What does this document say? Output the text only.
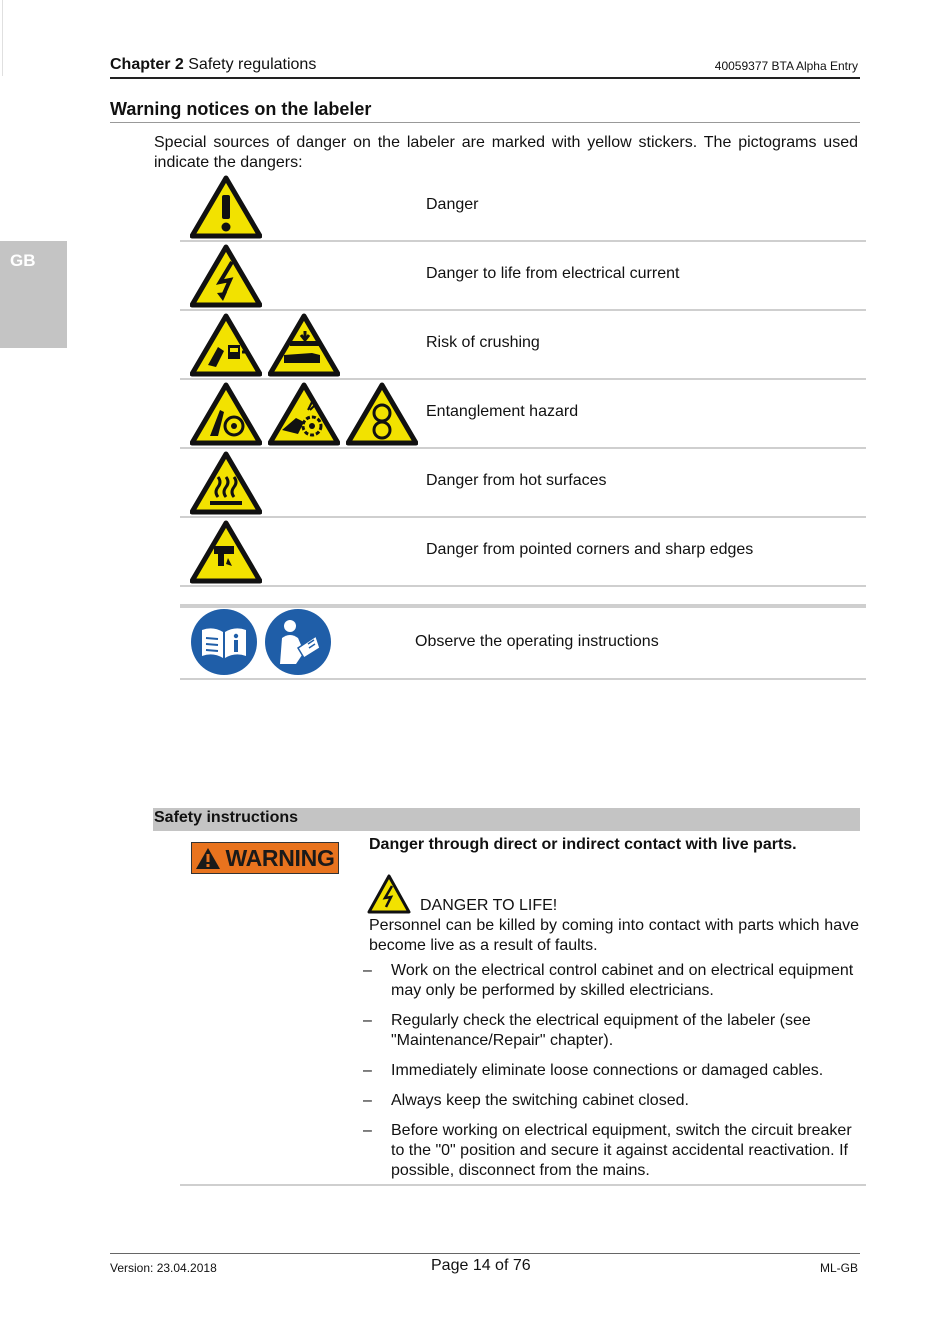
Chapter 2 Safety regulations	40059377 BTA Alpha Entry
GB
Warning notices on the labeler
Special sources of danger on the labeler are marked with yellow stickers. The pictograms used indicate the dangers:
Danger
Danger to life from electrical current
Risk of crushing
Entanglement hazard
Danger from hot surfaces
Danger from pointed corners and sharp edges
Observe the operating instructions
Safety instructions
WARNING Danger through direct or indirect contact with live parts.
DANGER TO LIFE!
Personnel can be killed by coming into contact with parts which have become live as a result of faults.
– Work on the electrical control cabinet and on electrical equipment may only be performed by skilled electricians.
– Regularly check the electrical equipment of the labeler (see "Maintenance/Repair" chapter).
– Immediately eliminate loose connections or damaged cables.
– Always keep the switching cabinet closed.
– Before working on electrical equipment, switch the circuit breaker to the "0" position and secure it against accidental reactivation. If possible, disconnect from the mains.
Version: 23.04.2018	Page 14 of 76	ML-GB
